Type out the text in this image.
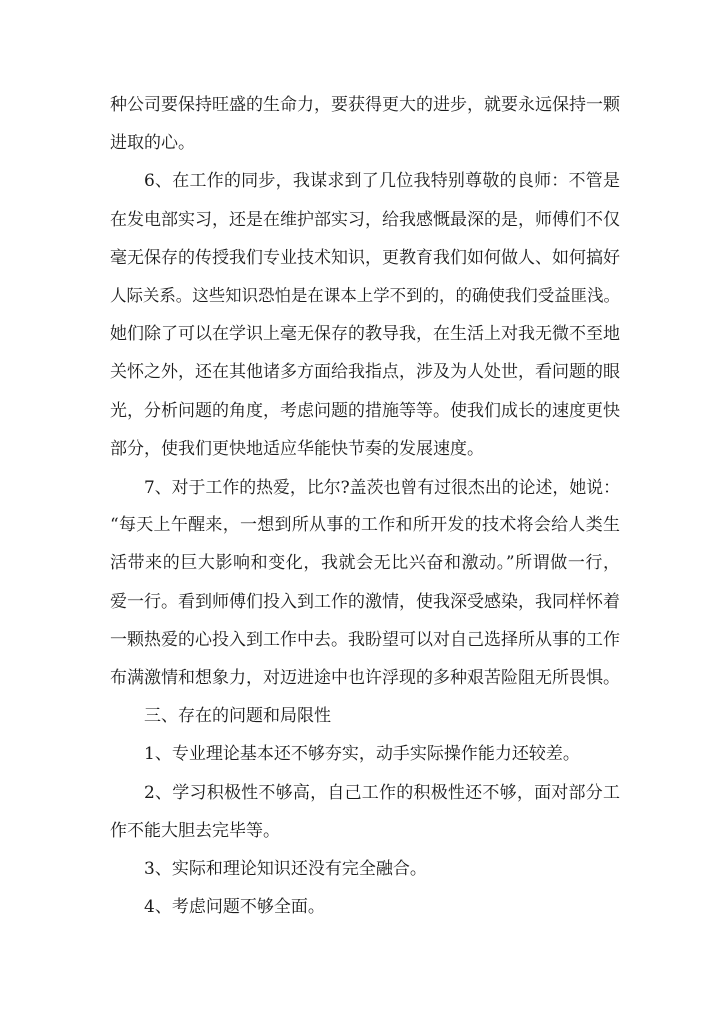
种公司要保持旺盛的生命力，要获得更大的进步，就要永远保持一颗
进取的心。

6、在工作的同步，我谋求到了几位我特别尊敬的良师：不管是
在发电部实习，还是在维护部实习，给我感慨最深的是，师傅们不仅
毫无保存的传授我们专业技术知识，更教育我们如何做人、如何搞好
人际关系。这些知识恐怕是在课本上学不到的，的确使我们受益匪浅。
她们除了可以在学识上毫无保存的教导我，在生活上对我无微不至地
关怀之外，还在其他诸多方面给我指点，涉及为人处世，看问题的眼
光，分析问题的角度，考虑问题的措施等等。使我们成长的速度更快
部分，使我们更快地适应华能快节奏的发展速度。

7、对于工作的热爱，比尔?盖茨也曾有过很杰出的论述，她说：
“每天上午醒来，一想到所从事的工作和所开发的技术将会给人类生
活带来的巨大影响和变化，我就会无比兴奋和激动。”所谓做一行，
爱一行。看到师傅们投入到工作的激情，使我深受感染，我同样怀着
一颗热爱的心投入到工作中去。我盼望可以对自己选择所从事的工作
布满激情和想象力，对迈进途中也许浮现的多种艰苦险阻无所畏惧。

三、存在的问题和局限性

1、专业理论基本还不够夯实，动手实际操作能力还较差。

2、学习积极性不够高，自己工作的积极性还不够，面对部分工
作不能大胆去完毕等。

3、实际和理论知识还没有完全融合。

4、考虑问题不够全面。
